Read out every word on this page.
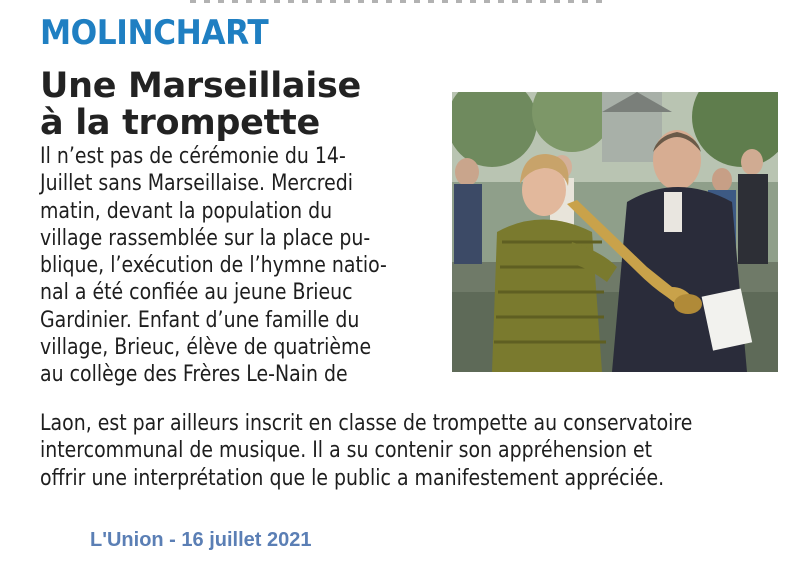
MOLINCHART
Une Marseillaise
à la trompette

Il n’est pas de cérémonie du 14-
Juillet sans Marseillaise. Mercredi
matin, devant la population du
village rassemblée sur la place pu-
blique, l’exécution de l’hymne natio-
nal a été confiée au jeune Brieuc
Gardinier. Enfant d’une famille du
village, Brieuc, élève de quatrième
au collège des Frères Le-Nain de

Laon, est par ailleurs inscrit en classe de trompette au conservatoire
intercommunal de musique. Il a su contenir son appréhension et
offrir une interprétation que le public a manifestement appréciée.

L'Union - 16 juillet 2021
